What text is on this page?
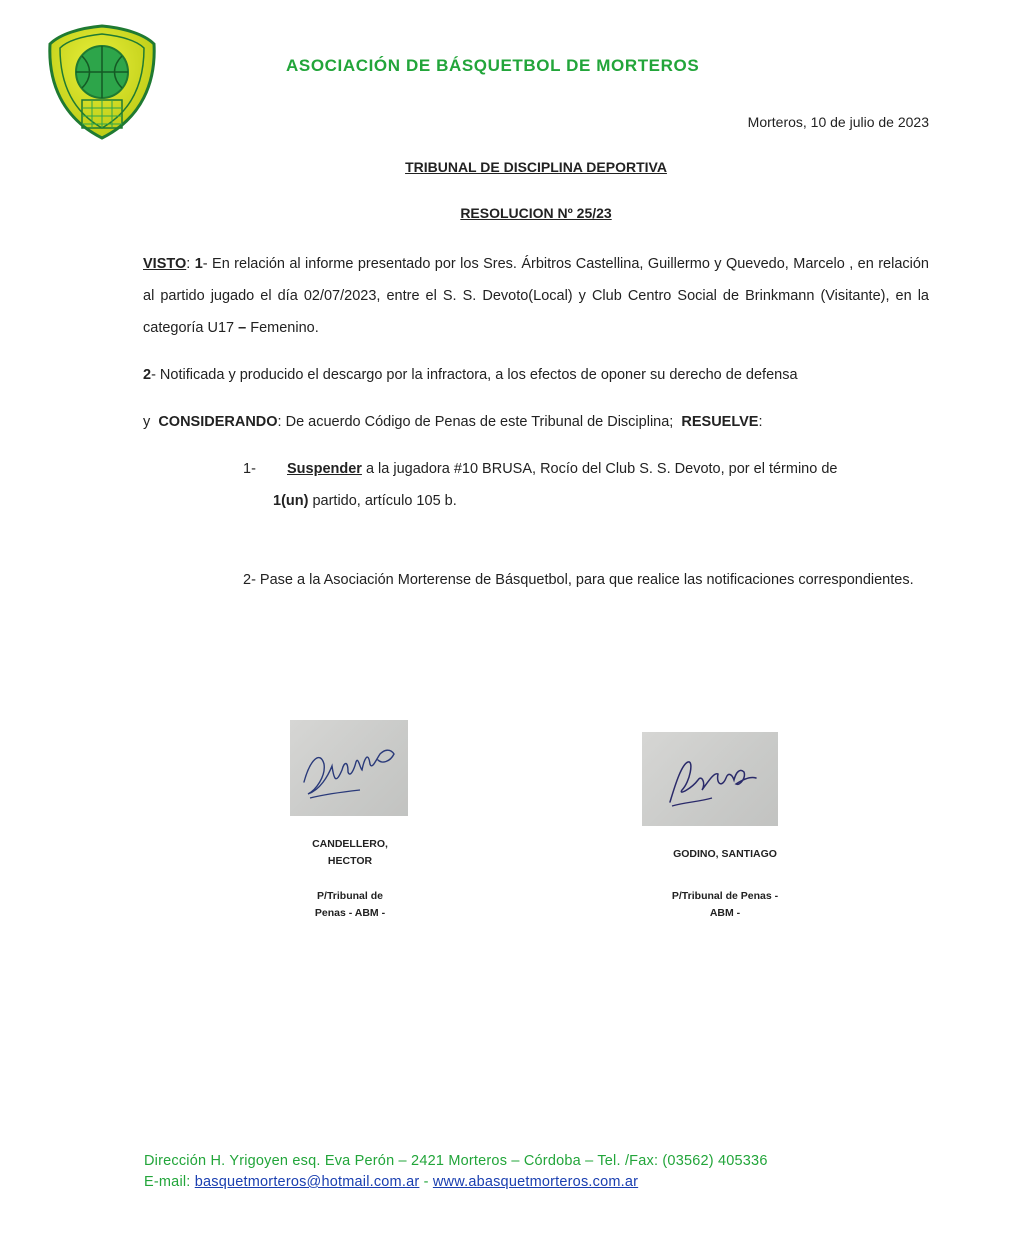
ASOCIACIÓN DE BÁSQUETBOL DE MORTEROS
Morteros, 10 de julio de 2023
TRIBUNAL DE DISCIPLINA DEPORTIVA
RESOLUCION Nº 25/23
VISTO: 1- En relación al informe presentado por los Sres. Árbitros Castellina, Guillermo y Quevedo, Marcelo , en relación al partido jugado el día 02/07/2023, entre el S. S. Devoto(Local) y Club Centro Social de Brinkmann (Visitante), en la categoría U17 – Femenino.
2- Notificada y producido el descargo por la infractora, a los efectos de oponer su derecho de defensa
y  CONSIDERANDO: De acuerdo Código de Penas de este Tribunal de Disciplina;  RESUELVE:
1- Suspender a la jugadora #10 BRUSA, Rocío del Club S. S. Devoto, por el término de
1(un) partido, artículo 105 b.
2- Pase a la Asociación Morterense de Básquetbol, para que realice las notificaciones correspondientes.
CANDELLERO,
HECTOR
P/Tribunal de
Penas - ABM -
GODINO, SANTIAGO
P/Tribunal de Penas -
ABM -
Dirección H. Yrigoyen esq. Eva Perón – 2421 Morteros – Córdoba – Tel. /Fax: (03562) 405336
E-mail: basquetmorteros@hotmail.com.ar - www.abasquetmorteros.com.ar
